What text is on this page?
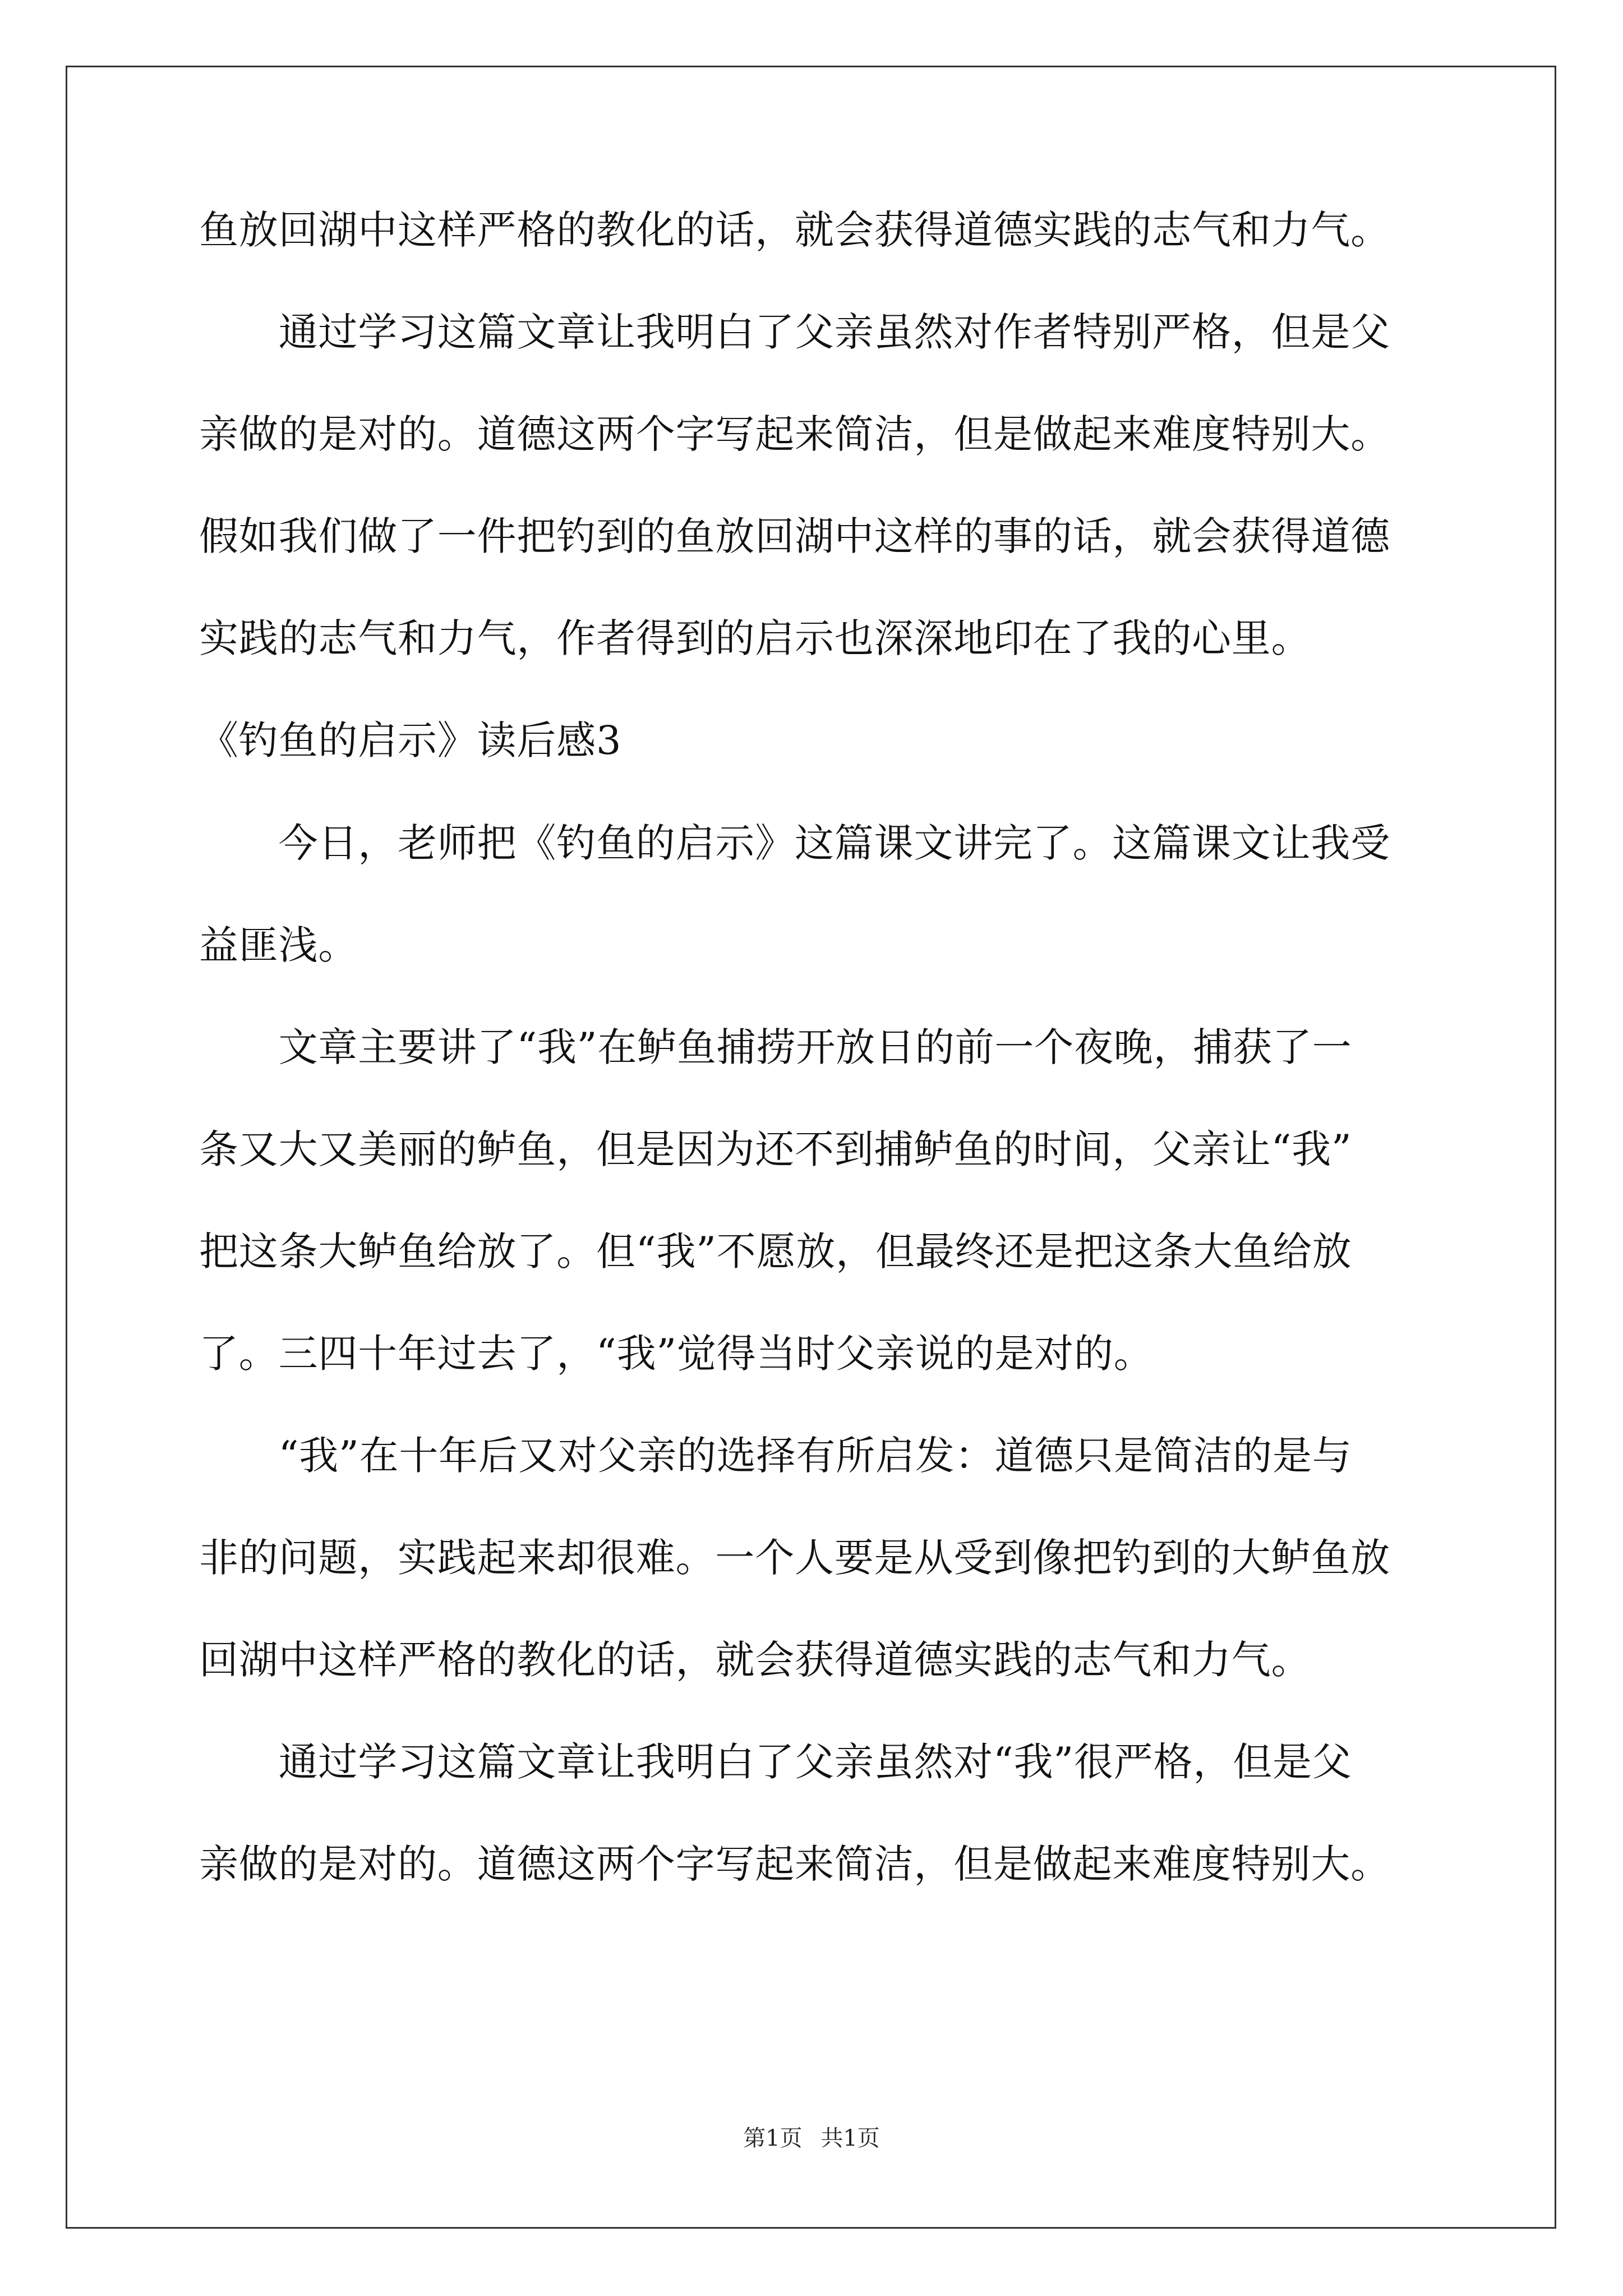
鱼放回湖中这样严格的教化的话，就会获得道德实践的志气和力气。
　　通过学习这篇文章让我明白了父亲虽然对作者特别严格，但是父
亲做的是对的。道德这两个字写起来简洁，但是做起来难度特别大。
假如我们做了一件把钓到的鱼放回湖中这样的事的话，就会获得道德
实践的志气和力气，作者得到的启示也深深地印在了我的心里。
《钓鱼的启示》读后感3
　　今日，老师把《钓鱼的启示》这篇课文讲完了。这篇课文让我受
益匪浅。
　　文章主要讲了“我”在鲈鱼捕捞开放日的前一个夜晚，捕获了一
条又大又美丽的鲈鱼，但是因为还不到捕鲈鱼的时间，父亲让“我”
把这条大鲈鱼给放了。但“我”不愿放，但最终还是把这条大鱼给放
了。三四十年过去了，“我”觉得当时父亲说的是对的。
　　“我”在十年后又对父亲的选择有所启发：道德只是简洁的是与
非的问题，实践起来却很难。一个人要是从受到像把钓到的大鲈鱼放
回湖中这样严格的教化的话，就会获得道德实践的志气和力气。
　　通过学习这篇文章让我明白了父亲虽然对“我”很严格，但是父
亲做的是对的。道德这两个字写起来简洁，但是做起来难度特别大。
第1页 共1页
